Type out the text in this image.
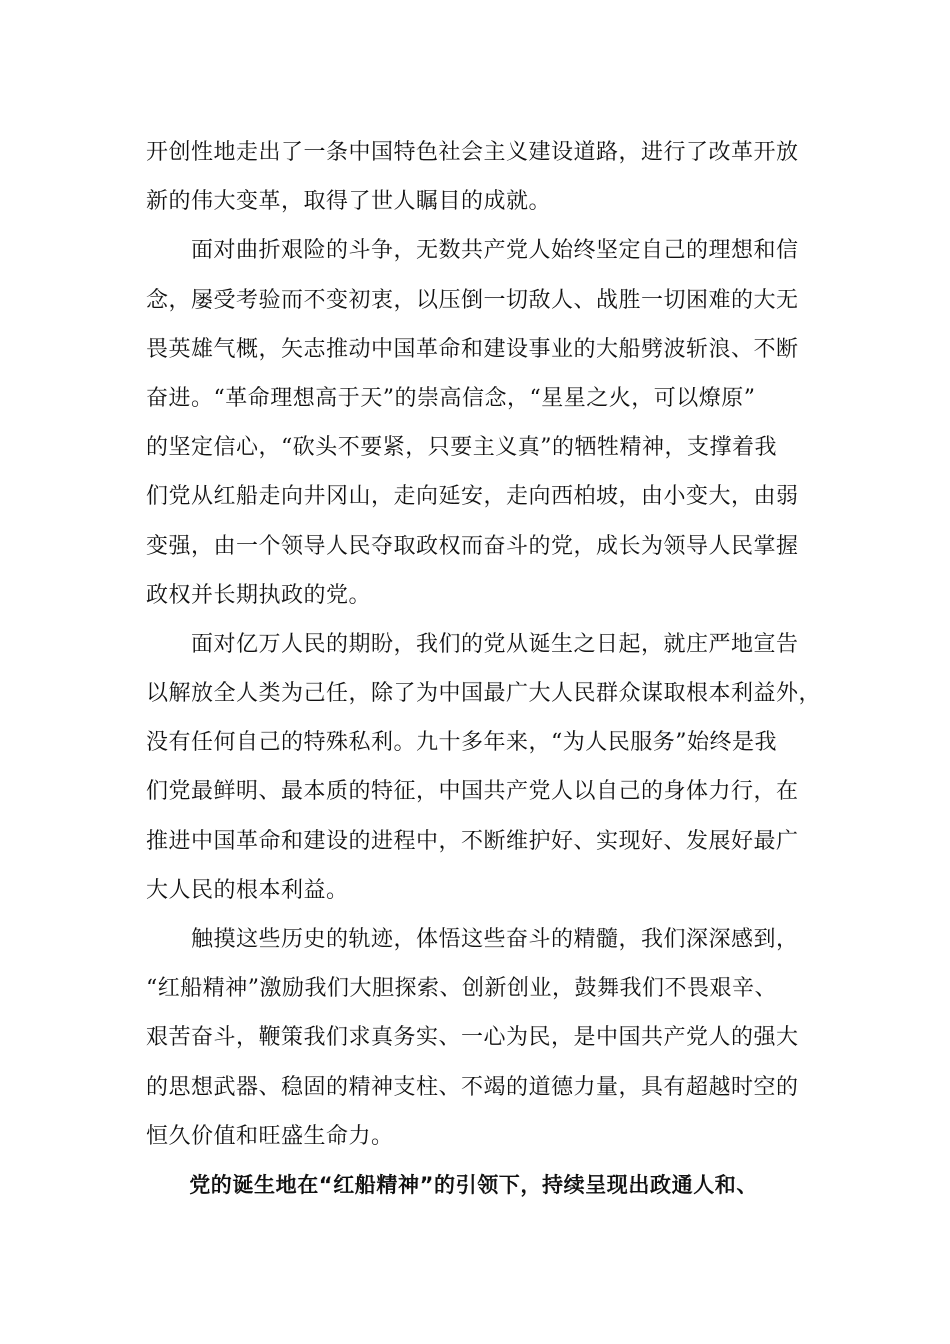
开创性地走出了一条中国特色社会主义建设道路，进行了改革开放
新的伟大变革，取得了世人瞩目的成就。
　　面对曲折艰险的斗争，无数共产党人始终坚定自己的理想和信
念，屡受考验而不变初衷，以压倒一切敌人、战胜一切困难的大无
畏英雄气概，矢志推动中国革命和建设事业的大船劈波斩浪、不断
奋进。“革命理想高于天”的崇高信念，“星星之火，可以燎原”
的坚定信心，“砍头不要紧，只要主义真”的牺牲精神，支撑着我
们党从红船走向井冈山，走向延安，走向西柏坡，由小变大，由弱
变强，由一个领导人民夺取政权而奋斗的党，成长为领导人民掌握
政权并长期执政的党。
　　面对亿万人民的期盼，我们的党从诞生之日起，就庄严地宣告
以解放全人类为己任，除了为中国最广大人民群众谋取根本利益外，
没有任何自己的特殊私利。九十多年来，“为人民服务”始终是我
们党最鲜明、最本质的特征，中国共产党人以自己的身体力行，在
推进中国革命和建设的进程中，不断维护好、实现好、发展好最广
大人民的根本利益。
　　触摸这些历史的轨迹，体悟这些奋斗的精髓，我们深深感到，
“红船精神”激励我们大胆探索、创新创业，鼓舞我们不畏艰辛、
艰苦奋斗，鞭策我们求真务实、一心为民，是中国共产党人的强大
的思想武器、稳固的精神支柱、不竭的道德力量，具有超越时空的
恒久价值和旺盛生命力。
　　党的诞生地在“红船精神”的引领下，持续呈现出政通人和、
